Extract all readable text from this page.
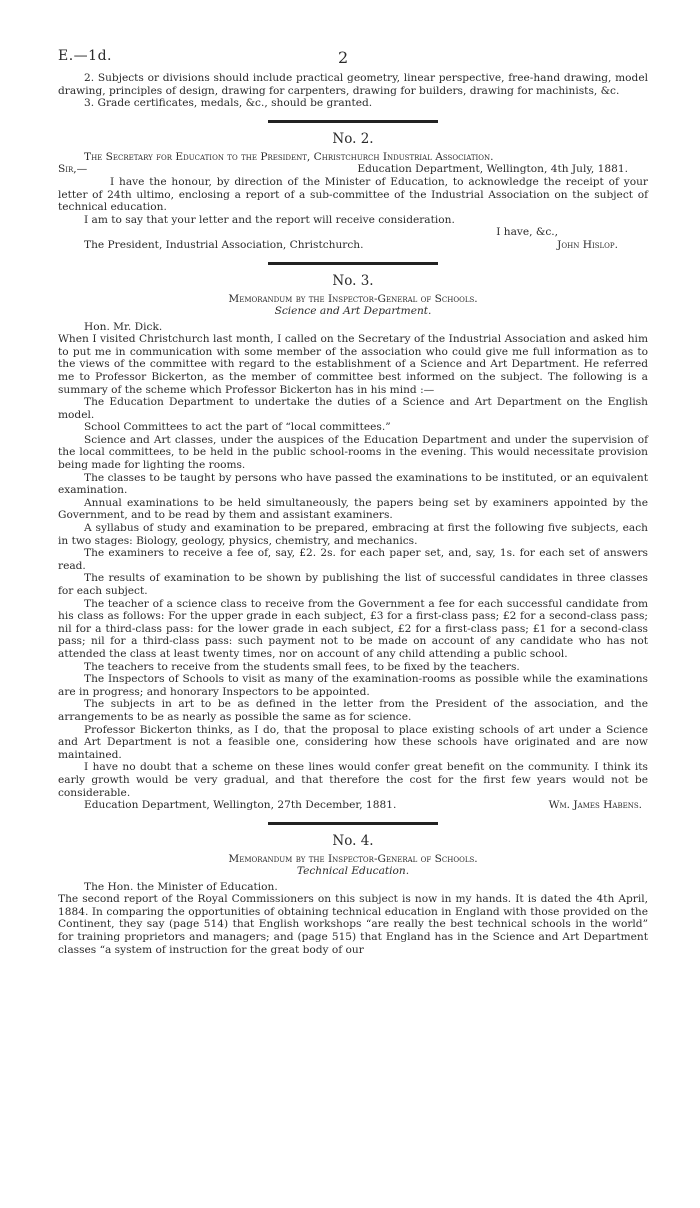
E.—1d.	2

2. Subjects or divisions should include practical geometry, linear perspective, free-hand drawing, model drawing, principles of design, drawing for carpenters, drawing for builders, drawing for machinists, &c.

3. Grade certificates, medals, &c., should be granted.

No. 2.

The Secretary for Education to the President, Christchurch Industrial Association.

Sir,—	Education Department, Wellington, 4th July, 1881.

I have the honour, by direction of the Minister of Education, to acknowledge the receipt of your letter of 24th ultimo, enclosing a report of a sub-committee of the Industrial Association on the subject of technical education.

I am to say that your letter and the report will receive consideration.

I have, &c.,

The President, Industrial Association, Christchurch.	John Hislop.

No. 3.

Memorandum by the Inspector-General of Schools.

Science and Art Department.

Hon. Mr. Dick.

When I visited Christchurch last month, I called on the Secretary of the Industrial Association and asked him to put me in communication with some member of the association who could give me full information as to the views of the committee with regard to the establishment of a Science and Art Department. He referred me to Professor Bickerton, as the member of committee best informed on the subject. The following is a summary of the scheme which Professor Bickerton has in his mind :—

The Education Department to undertake the duties of a Science and Art Department on the English model.

School Committees to act the part of “local committees.”

Science and Art classes, under the auspices of the Education Department and under the supervision of the local committees, to be held in the public school-rooms in the evening. This would necessitate provision being made for lighting the rooms.

The classes to be taught by persons who have passed the examinations to be instituted, or an equivalent examination.

Annual examinations to be held simultaneously, the papers being set by examiners appointed by the Government, and to be read by them and assistant examiners.

A syllabus of study and examination to be prepared, embracing at first the following five subjects, each in two stages: Biology, geology, physics, chemistry, and mechanics.

The examiners to receive a fee of, say, £2. 2s. for each paper set, and, say, 1s. for each set of answers read.

The results of examination to be shown by publishing the list of successful candidates in three classes for each subject.

The teacher of a science class to receive from the Government a fee for each successful candidate from his class as follows: For the upper grade in each subject, £3 for a first-class pass; £2 for a second-class pass; nil for a third-class pass: for the lower grade in each subject, £2 for a first-class pass; £1 for a second-class pass; nil for a third-class pass: such payment not to be made on account of any candidate who has not attended the class at least twenty times, nor on account of any child attending a public school.

The teachers to receive from the students small fees, to be fixed by the teachers.

The Inspectors of Schools to visit as many of the examination-rooms as possible while the examinations are in progress; and honorary Inspectors to be appointed.

The subjects in art to be as defined in the letter from the President of the association, and the arrangements to be as nearly as possible the same as for science.

Professor Bickerton thinks, as I do, that the proposal to place existing schools of art under a Science and Art Department is not a feasible one, considering how these schools have originated and are now maintained.

I have no doubt that a scheme on these lines would confer great benefit on the community. I think its early growth would be very gradual, and that therefore the cost for the first few years would not be considerable.

Education Department, Wellington, 27th December, 1881.	Wm. James Habens.

No. 4.

Memorandum by the Inspector-General of Schools.

Technical Education.

The Hon. the Minister of Education.

The second report of the Royal Commissioners on this subject is now in my hands. It is dated the 4th April, 1884. In comparing the opportunities of obtaining technical education in England with those provided on the Continent, they say (page 514) that English workshops “are really the best technical schools in the world” for training proprietors and managers; and (page 515) that England has in the Science and Art Department classes “a system of instruction for the great body of our
